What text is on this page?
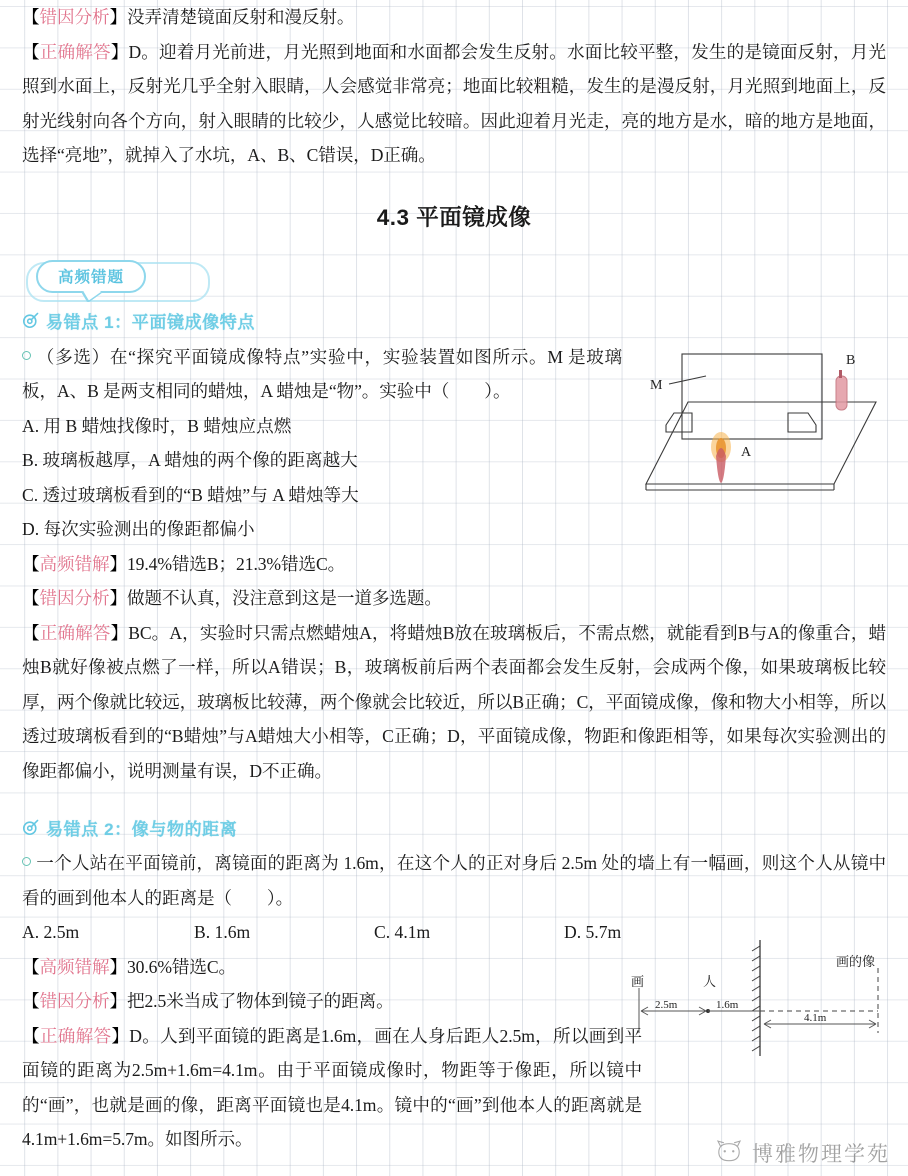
【错因分析】没弄清楚镜面反射和漫反射。

【正确解答】D。迎着月光前进，月光照到地面和水面都会发生反射。水面比较平整，发生的是镜面反射，月光照到水面上，反射光几乎全射入眼睛，人会感觉非常亮；地面比较粗糙，发生的是漫反射，月光照到地面上，反射光线射向各个方向，射入眼睛的比较少，人感觉比较暗。因此迎着月光走，亮的地方是水，暗的地方是地面，选择“亮地”，就掉入了水坑，A、B、C错误，D正确。

4.3 平面镜成像
高频错题
易错点 1：平面镜成像特点
M
A
B

（多选）在“探究平面镜成像特点”实验中，实验装置如图所示。M 是玻璃板，A、B 是两支相同的蜡烛，A 蜡烛是“物”。实验中（　　）。

A. 用 B 蜡烛找像时，B 蜡烛应点燃

B. 玻璃板越厚，A 蜡烛的两个像的距离越大

C. 透过玻璃板看到的“B 蜡烛”与 A 蜡烛等大

D. 每次实验测出的像距都偏小

【高频错解】19.4%错选B；21.3%错选C。

【错因分析】做题不认真，没注意到这是一道多选题。

【正确解答】BC。A，实验时只需点燃蜡烛A，将蜡烛B放在玻璃板后，不需点燃，就能看到B与A的像重合，蜡烛B就好像被点燃了一样，所以A错误；B，玻璃板前后两个表面都会发生反射，会成两个像，如果玻璃板比较厚，两个像就比较远，玻璃板比较薄，两个像就会比较近，所以B正确；C，平面镜成像，像和物大小相等，所以透过玻璃板看到的“B蜡烛”与A蜡烛大小相等，C正确；D，平面镜成像，物距和像距相等，如果每次实验测出的像距都偏小，说明测量有误，D不正确。

易错点 2：像与物的距离

一个人站在平面镜前，离镜面的距离为 1.6m，在这个人的正对身后 2.5m 处的墙上有一幅画，则这个人从镜中看的画到他本人的距离是（　　）。

A. 2.5m	B. 1.6m	C. 4.1m	D. 5.7m

【高频错解】30.6%错选C。

【错因分析】把2.5米当成了物体到镜子的距离。

【正确解答】D。人到平面镜的距离是1.6m，画在人身后距人2.5m，所以画到平面镜的距离为2.5m+1.6m=4.1m。由于平面镜成像时，物距等于像距，所以镜中的“画”，也就是画的像，距离平面镜也是4.1m。镜中的“画”到他本人的距离就是4.1m+1.6m=5.7m。如图所示。

画	人
2.5m	1.6m
画的像
4.1m
博雅物理学苑
